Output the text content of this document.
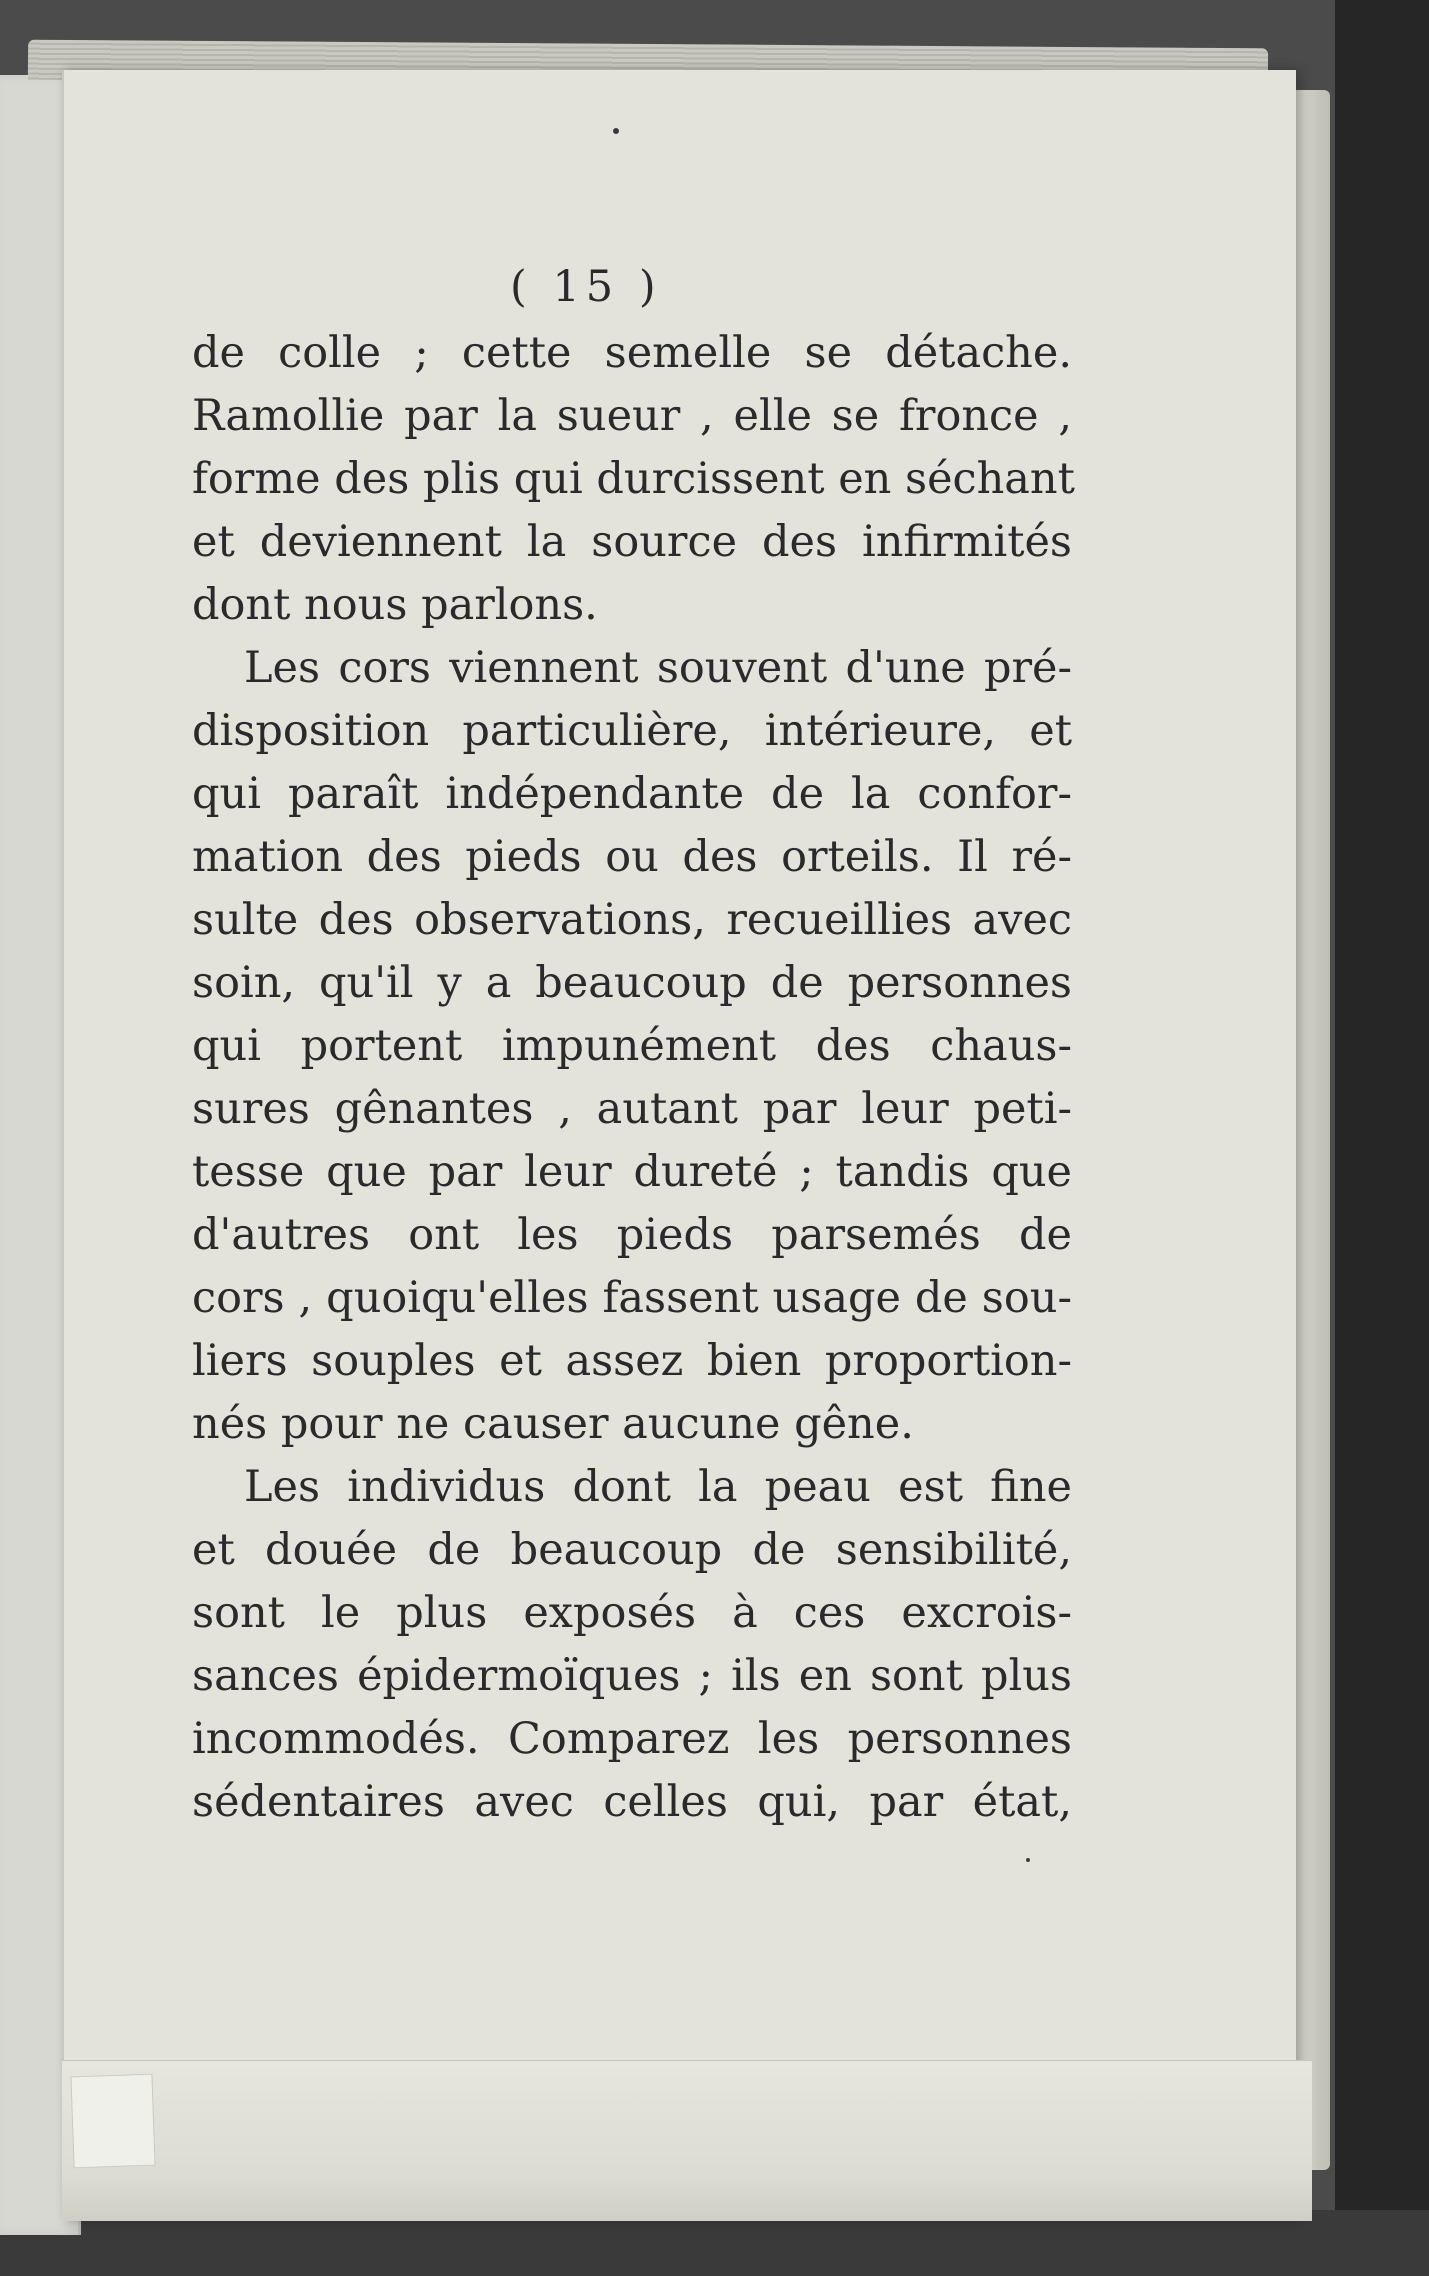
( 15 )
de colle ; cette semelle se détache.
Ramollie par la sueur , elle se fronce ,
forme des plis qui durcissent en séchant
et deviennent la source des infirmités
dont nous parlons.
Les cors viennent souvent d'une pré-
disposition particulière, intérieure, et
qui paraît indépendante de la confor-
mation des pieds ou des orteils. Il ré-
sulte des observations, recueillies avec
soin, qu'il y a beaucoup de personnes
qui portent impunément des chaus-
sures gênantes , autant par leur peti-
tesse que par leur dureté ; tandis que
d'autres ont les pieds parsemés de
cors , quoiqu'elles fassent usage de sou-
liers souples et assez bien proportion-
nés pour ne causer aucune gêne.
Les individus dont la peau est fine
et douée de beaucoup de sensibilité,
sont le plus exposés à ces excrois-
sances épidermoïques ; ils en sont plus
incommodés. Comparez les personnes
sédentaires avec celles qui, par état,
